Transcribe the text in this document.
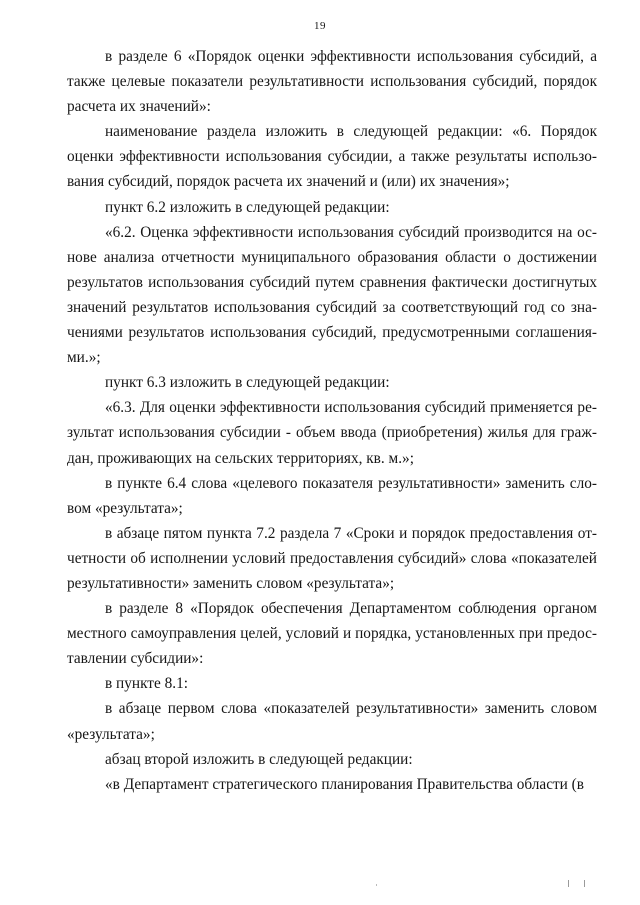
19

в разделе 6 «Порядок оценки эффективности использования субсидий, а также целевые показатели результативности использования субсидий, порядок расчета их значений»:

наименование раздела изложить в следующей редакции: «6. Порядок оценки эффективности использования субсидии, а также результаты использования субсидий, порядок расчета их значений и (или) их значения»;

пункт 6.2 изложить в следующей редакции:

«6.2. Оценка эффективности использования субсидий производится на основе анализа отчетности муниципального образования области о достижении результатов использования субсидий путем сравнения фактически достигнутых значений результатов использования субсидий за соответствующий год со значениями результатов использования субсидий, предусмотренными соглашениями.»;

пункт 6.3 изложить в следующей редакции:

«6.3. Для оценки эффективности использования субсидий применяется результат использования субсидии - объем ввода (приобретения) жилья для граждан, проживающих на сельских территориях, кв. м.»;

в пункте 6.4 слова «целевого показателя результативности» заменить словом «результата»;

в абзаце пятом пункта 7.2 раздела 7 «Сроки и порядок предоставления отчетности об исполнении условий предоставления субсидий» слова «показателей результативности» заменить словом «результата»;

в разделе 8 «Порядок обеспечения Департаментом соблюдения органом местного самоуправления целей, условий и порядка, установленных при предоставлении субсидии»:

в пункте 8.1:

в абзаце первом слова «показателей результативности» заменить словом «результата»;

абзац второй изложить в следующей редакции:

«в Департамент стратегического планирования Правительства области (в
